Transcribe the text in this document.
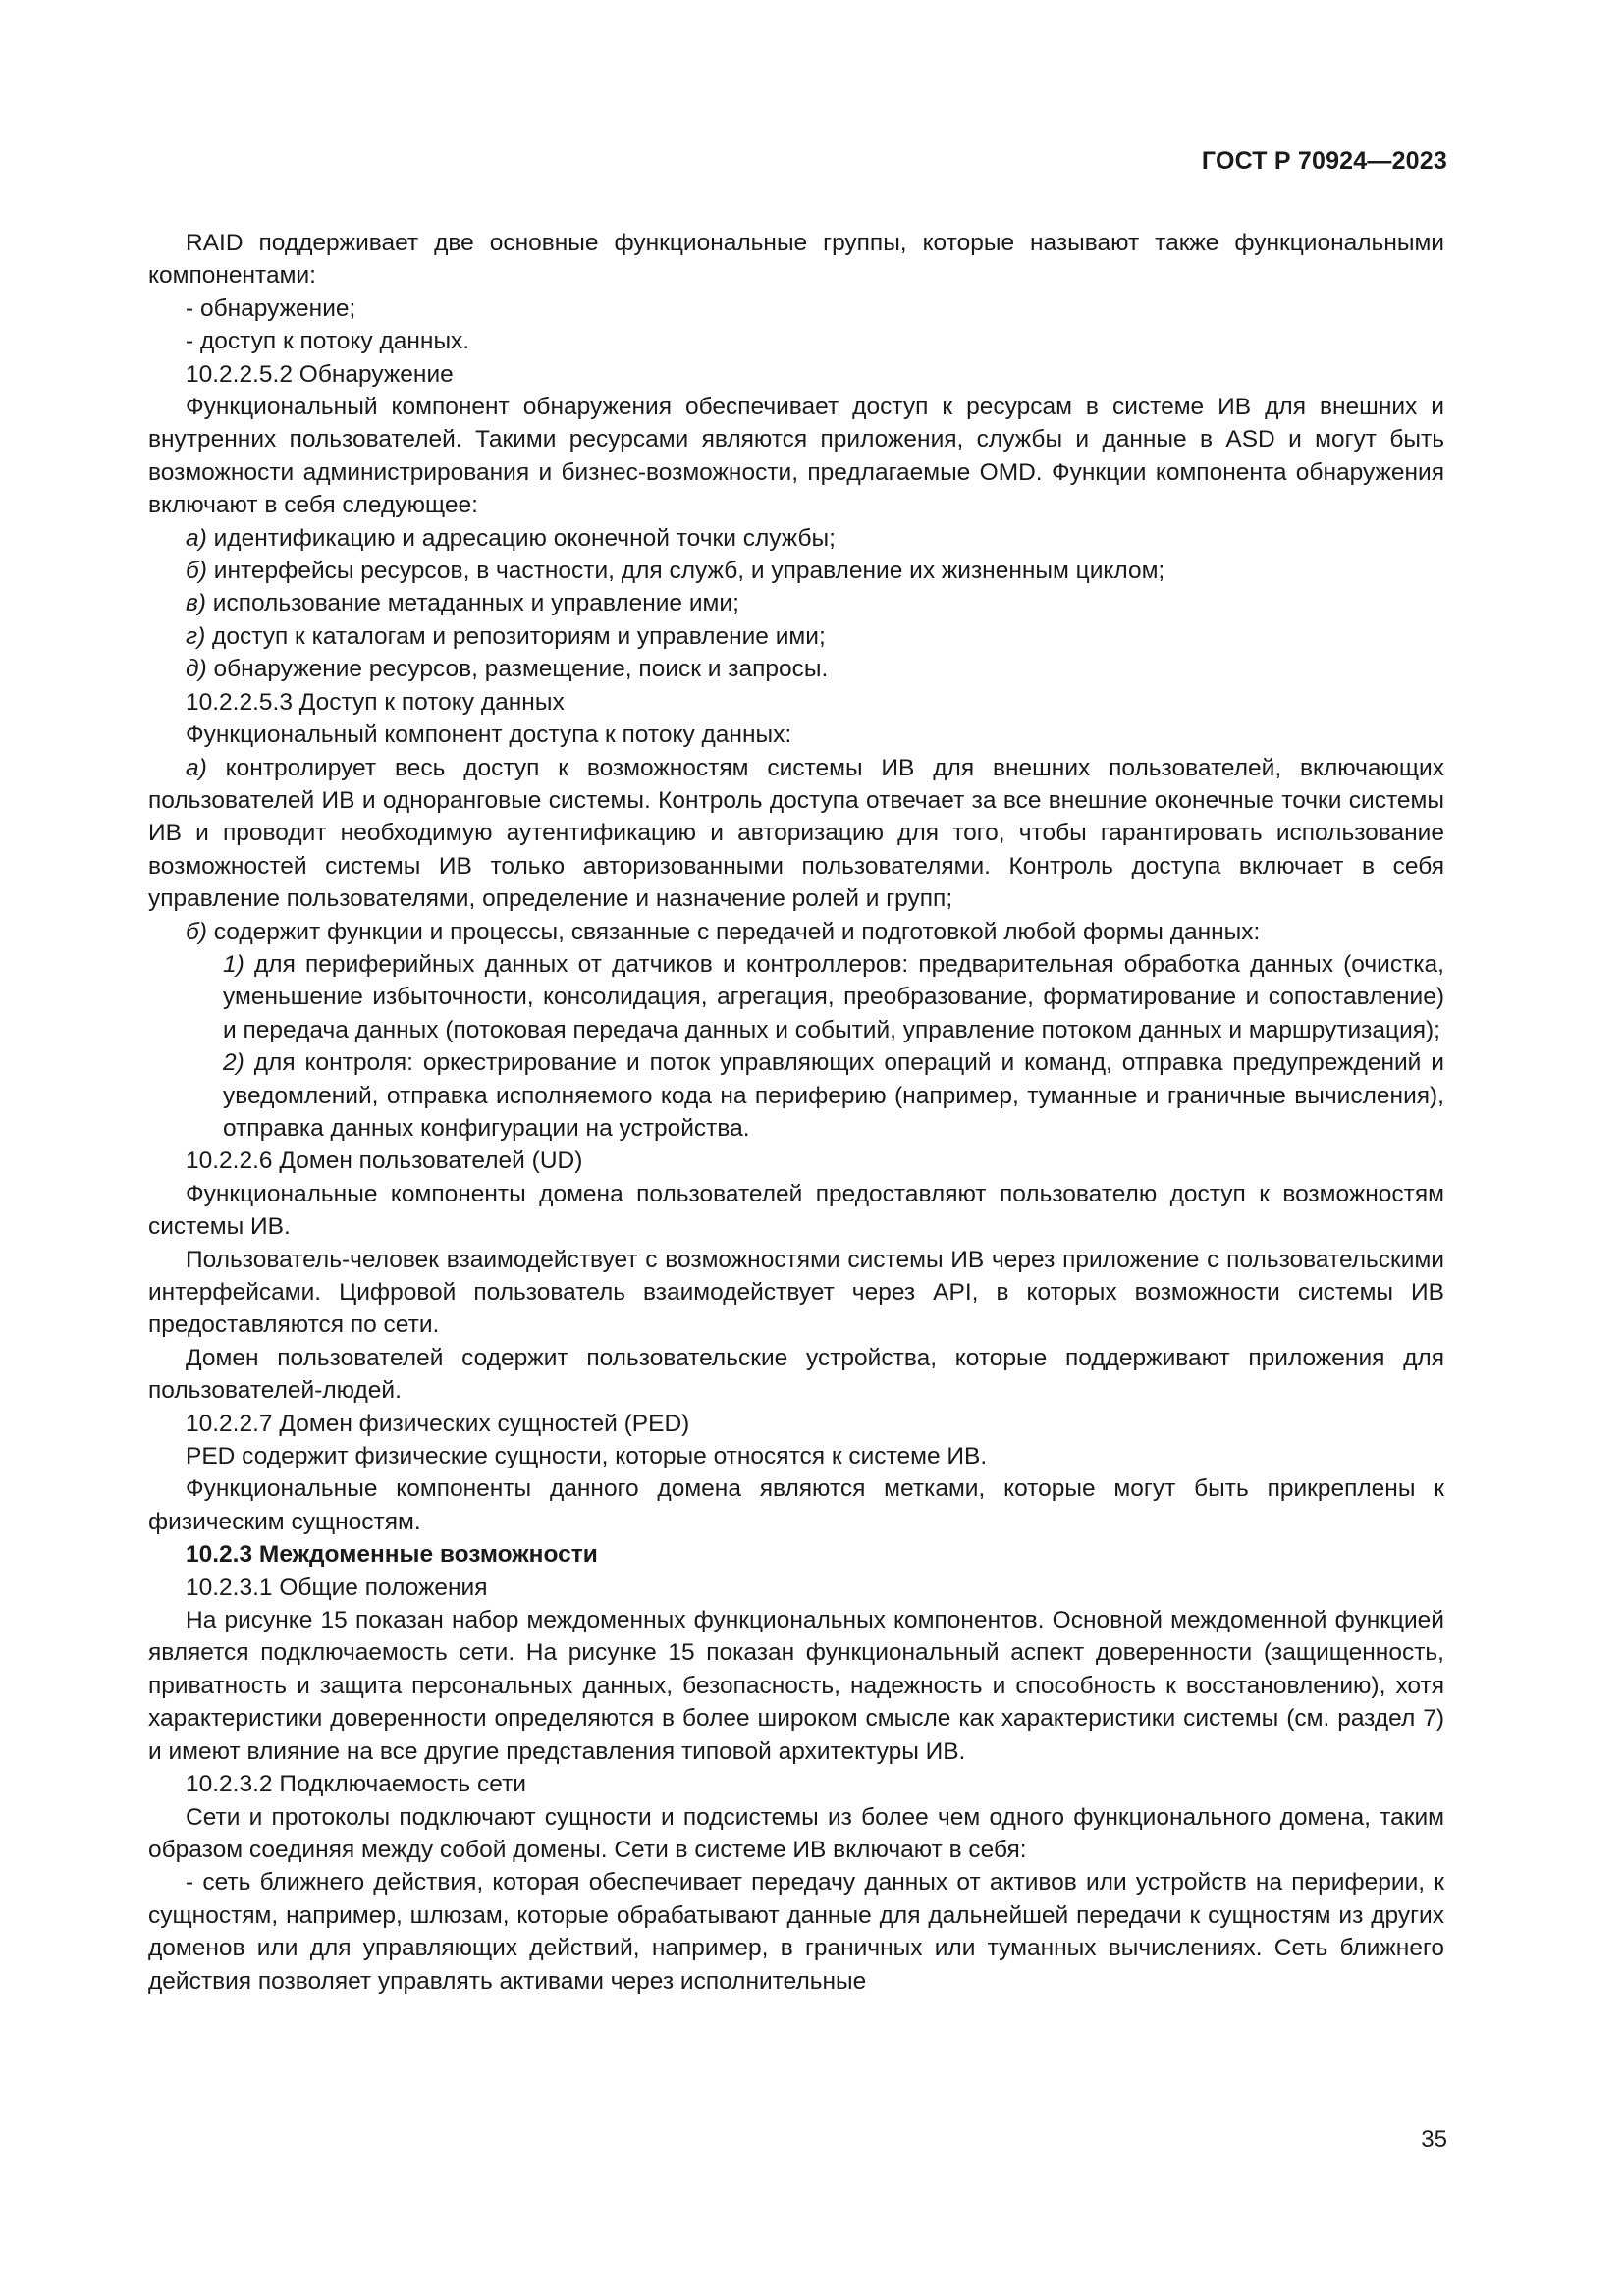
ГОСТ Р 70924—2023
RAID поддерживает две основные функциональные группы, которые называют также функциональными компонентами:
- обнаружение;
- доступ к потоку данных.
10.2.2.5.2 Обнаружение
Функциональный компонент обнаружения обеспечивает доступ к ресурсам в системе ИВ для внешних и внутренних пользователей. Такими ресурсами являются приложения, службы и данные в ASD и могут быть возможности администрирования и бизнес-возможности, предлагаемые OMD. Функции компонента обнаружения включают в себя следующее:
а) идентификацию и адресацию оконечной точки службы;
б) интерфейсы ресурсов, в частности, для служб, и управление их жизненным циклом;
в) использование метаданных и управление ими;
г) доступ к каталогам и репозиториям и управление ими;
д) обнаружение ресурсов, размещение, поиск и запросы.
10.2.2.5.3 Доступ к потоку данных
Функциональный компонент доступа к потоку данных:
а) контролирует весь доступ к возможностям системы ИВ для внешних пользователей, включающих пользователей ИВ и одноранговые системы. Контроль доступа отвечает за все внешние оконечные точки системы ИВ и проводит необходимую аутентификацию и авторизацию для того, чтобы гарантировать использование возможностей системы ИВ только авторизованными пользователями. Контроль доступа включает в себя управление пользователями, определение и назначение ролей и групп;
б) содержит функции и процессы, связанные с передачей и подготовкой любой формы данных:
1) для периферийных данных от датчиков и контроллеров: предварительная обработка данных (очистка, уменьшение избыточности, консолидация, агрегация, преобразование, форматирование и сопоставление) и передача данных (потоковая передача данных и событий, управление потоком данных и маршрутизация);
2) для контроля: оркестрирование и поток управляющих операций и команд, отправка предупреждений и уведомлений, отправка исполняемого кода на периферию (например, туманные и граничные вычисления), отправка данных конфигурации на устройства.
10.2.2.6 Домен пользователей (UD)
Функциональные компоненты домена пользователей предоставляют пользователю доступ к возможностям системы ИВ.
Пользователь-человек взаимодействует с возможностями системы ИВ через приложение с пользовательскими интерфейсами. Цифровой пользователь взаимодействует через API, в которых возможности системы ИВ предоставляются по сети.
Домен пользователей содержит пользовательские устройства, которые поддерживают приложения для пользователей-людей.
10.2.2.7 Домен физических сущностей (PED)
PED содержит физические сущности, которые относятся к системе ИВ.
Функциональные компоненты данного домена являются метками, которые могут быть прикреплены к физическим сущностям.
10.2.3 Междоменные возможности
10.2.3.1 Общие положения
На рисунке 15 показан набор междоменных функциональных компонентов. Основной междоменной функцией является подключаемость сети. На рисунке 15 показан функциональный аспект доверенности (защищенность, приватность и защита персональных данных, безопасность, надежность и способность к восстановлению), хотя характеристики доверенности определяются в более широком смысле как характеристики системы (см. раздел 7) и имеют влияние на все другие представления типовой архитектуры ИВ.
10.2.3.2 Подключаемость сети
Сети и протоколы подключают сущности и подсистемы из более чем одного функционального домена, таким образом соединяя между собой домены. Сети в системе ИВ включают в себя:
- сеть ближнего действия, которая обеспечивает передачу данных от активов или устройств на периферии, к сущностям, например, шлюзам, которые обрабатывают данные для дальнейшей передачи к сущностям из других доменов или для управляющих действий, например, в граничных или туманных вычислениях. Сеть ближнего действия позволяет управлять активами через исполнительные
35
